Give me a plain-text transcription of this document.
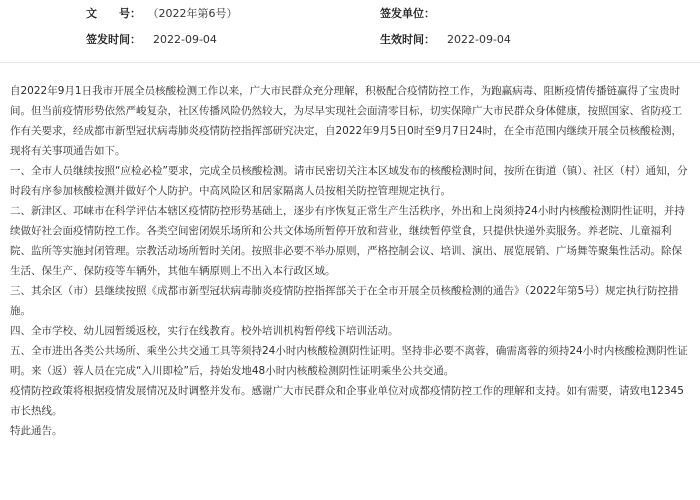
文　　号： （2022年第6号）	签发单位：
签发时间： 2022-09-04	生效时间： 2022-09-04

自2022年9月1日我市开展全员核酸检测工作以来，广大市民群众充分理解，积极配合疫情防控工作，为跑赢病毒、阻断疫情传播链赢得了宝贵时间。但当前疫情形势依然严峻复杂，社区传播风险仍然较大，为尽早实现社会面清零目标，切实保障广大市民群众身体健康，按照国家、省防疫工作有关要求，经成都市新型冠状病毒肺炎疫情防控指挥部研究决定，自2022年9月5日0时至9月7日24时，在全市范围内继续开展全员核酸检测，现将有关事项通告如下。

一、全市人员继续按照“应检必检”要求，完成全员核酸检测。请市民密切关注本区域发布的核酸检测时间，按所在街道（镇）、社区（村）通知，分时段有序参加核酸检测并做好个人防护。中高风险区和居家隔离人员按相关防控管理规定执行。

二、新津区、邛崃市在科学评估本辖区疫情防控形势基础上，逐步有序恢复正常生产生活秩序，外出和上岗须持24小时内核酸检测阴性证明，并持续做好社会面疫情防控工作。各类空间密闭娱乐场所和公共文体场所暂停开放和营业，继续暂停堂食，只提供快递外卖服务。养老院、儿童福利院、监所等实施封闭管理。宗教活动场所暂时关闭。按照非必要不举办原则，严格控制会议、培训、演出、展览展销、广场舞等聚集性活动。除保生活、保生产、保防疫等车辆外，其他车辆原则上不出入本行政区域。

三、其余区（市）县继续按照《成都市新型冠状病毒肺炎疫情防控指挥部关于在全市开展全员核酸检测的通告》（2022年第5号）规定执行防控措施。

四、全市学校、幼儿园暂缓返校，实行在线教育。校外培训机构暂停线下培训活动。

五、全市进出各类公共场所、乘坐公共交通工具等须持24小时内核酸检测阴性证明。坚持非必要不离蓉，确需离蓉的须持24小时内核酸检测阴性证明。来（返）蓉人员在完成“入川即检”后，持始发地48小时内核酸检测阴性证明乘坐公共交通。

疫情防控政策将根据疫情发展情况及时调整并发布。感谢广大市民群众和企事业单位对成都疫情防控工作的理解和支持。如有需要，请致电12345市长热线。

特此通告。
